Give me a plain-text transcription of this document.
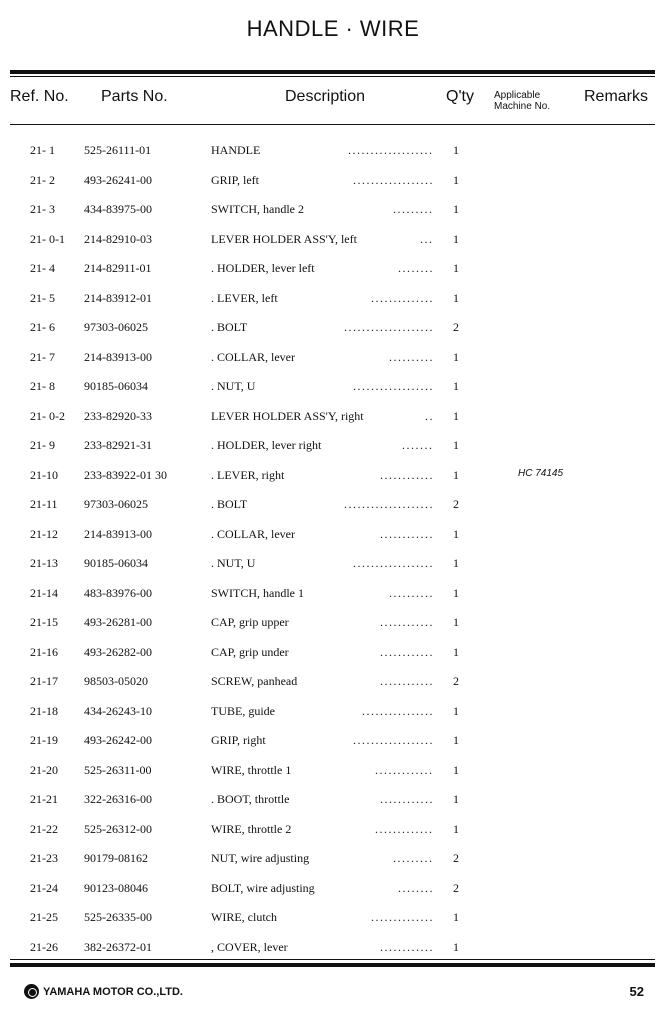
HANDLE · WIRE
Ref. No. Parts No.	Description	Q'ty Applicable Machine No.
Remarks
21- 1 525-26111-01	HANDLE	1
...................
21- 2 493-26241-00	GRIP, left	1
..................
21- 3 434-83975-00	SWITCH, handle 2	1
.........
21- 0-1 214-82910-03	LEVER HOLDER ASS'Y, left	1
...
21- 4 214-82911-01	. HOLDER, lever left	1
........
21- 5 214-83912-01	. LEVER, left	1
..............
21- 6 97303-06025	. BOLT	2
....................
21- 7 214-83913-00	. COLLAR, lever	1
..........
21- 8 90185-06034	. NUT, U	1
..................
21- 0-2 233-82920-33	LEVER HOLDER ASS'Y, right	1
..
21- 9 233-82921-31	. HOLDER, lever right	1
.......
21-10 233-83922-01 30	. LEVER, right	1	HC 74145
............
21-11 97303-06025	. BOLT	2
....................
21-12 214-83913-00	. COLLAR, lever	1
............
21-13 90185-06034	. NUT, U	1
..................
21-14 483-83976-00	SWITCH, handle 1	1
..........
21-15 493-26281-00	CAP, grip upper	1
............
21-16 493-26282-00	CAP, grip under	1
............
21-17 98503-05020	SCREW, panhead	2
............
21-18 434-26243-10	TUBE, guide	1
................
21-19 493-26242-00	GRIP, right	1
..................
21-20 525-26311-00	WIRE, throttle 1	1
.............
21-21 322-26316-00	. BOOT, throttle	1
............
21-22 525-26312-00	WIRE, throttle 2	1
.............
21-23 90179-08162	NUT, wire adjusting	2
.........
21-24 90123-08046	BOLT, wire adjusting	2
........
21-25 525-26335-00	WIRE, clutch	1
..............
21-26 382-26372-01	, COVER, lever	1
............
YAMAHA MOTOR CO.,LTD.	52
